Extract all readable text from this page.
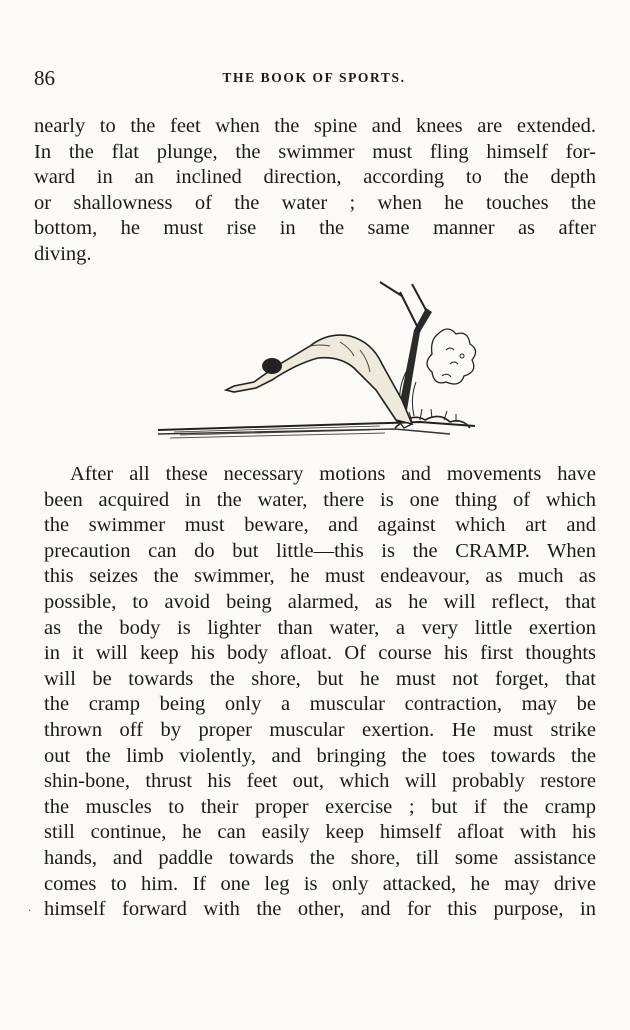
86	THE BOOK OF SPORTS.

nearly to the feet when the spine and knees are extended.
In the flat plunge, the swimmer must fling himself for-
ward in an inclined direction, according to the depth
or shallowness of the water ; when he touches the
bottom, he must rise in the same manner as after
diving.

After all these necessary motions and movements have
been acquired in the water, there is one thing of which
the swimmer must beware, and against which art and
precaution can do but little—this is the CRAMP. When
this seizes the swimmer, he must endeavour, as much as
possible, to avoid being alarmed, as he will reflect, that
as the body is lighter than water, a very little exertion
in it will keep his body afloat. Of course his first thoughts
will be towards the shore, but he must not forget, that
the cramp being only a muscular contraction, may be
thrown off by proper muscular exertion. He must strike
out the limb violently, and bringing the toes towards the
shin-bone, thrust his feet out, which will probably restore
the muscles to their proper exercise ; but if the cramp
still continue, he can easily keep himself afloat with his
hands, and paddle towards the shore, till some assistance
comes to him. If one leg is only attacked, he may drive
himself forward with the other, and for this purpose, in

·
